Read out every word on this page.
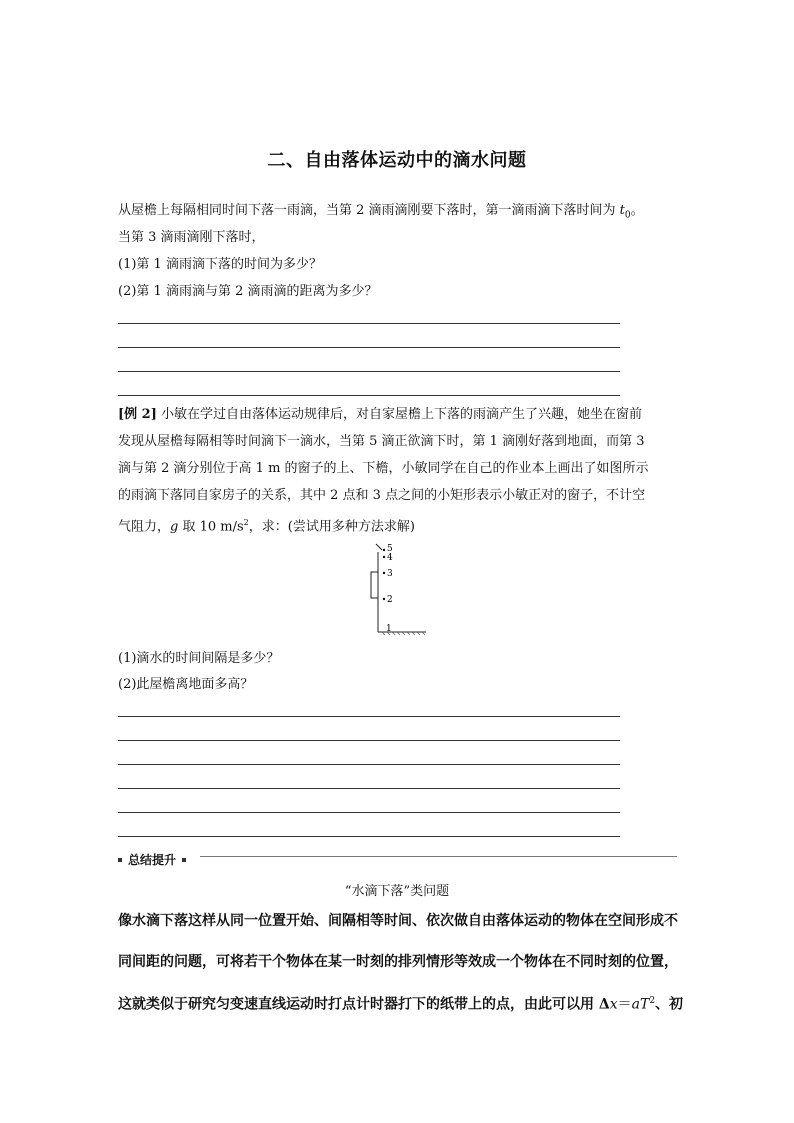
二、自由落体运动中的滴水问题

从屋檐上每隔相同时间下落一雨滴，当第 2 滴雨滴刚要下落时，第一滴雨滴下落时间为 $t_0$。

当第 3 滴雨滴刚下落时，

(1)第 1 滴雨滴下落的时间为多少？

(2)第 1 滴雨滴与第 2 滴雨滴的距离为多少？

[例 2] 小敏在学过自由落体运动规律后，对自家屋檐上下落的雨滴产生了兴趣，她坐在窗前

发现从屋檐每隔相等时间滴下一滴水，当第 5 滴正欲滴下时，第 1 滴刚好落到地面，而第 3

滴与第 2 滴分别位于高 1 m 的窗子的上、下檐，小敏同学在自己的作业本上画出了如图所示

的雨滴下落同自家房子的关系，其中 2 点和 3 点之间的小矩形表示小敏正对的窗子，不计空

气阻力，g 取 10 $m/s^2$，求：(尝试用多种方法求解)

5
4
3
2
1

(1)滴水的时间间隔是多少？

(2)此屋檐离地面多高？

总结提升

“水滴下落”类问题

像水滴下落这样从同一位置开始、间隔相等时间、依次做自由落体运动的物体在空间形成不

同间距的问题，可将若干个物体在某一时刻的排列情形等效成一个物体在不同时刻的位置，

这就类似于研究匀变速直线运动时打点计时器打下的纸带上的点，由此可以用 $\Delta x=aT^2$、初
